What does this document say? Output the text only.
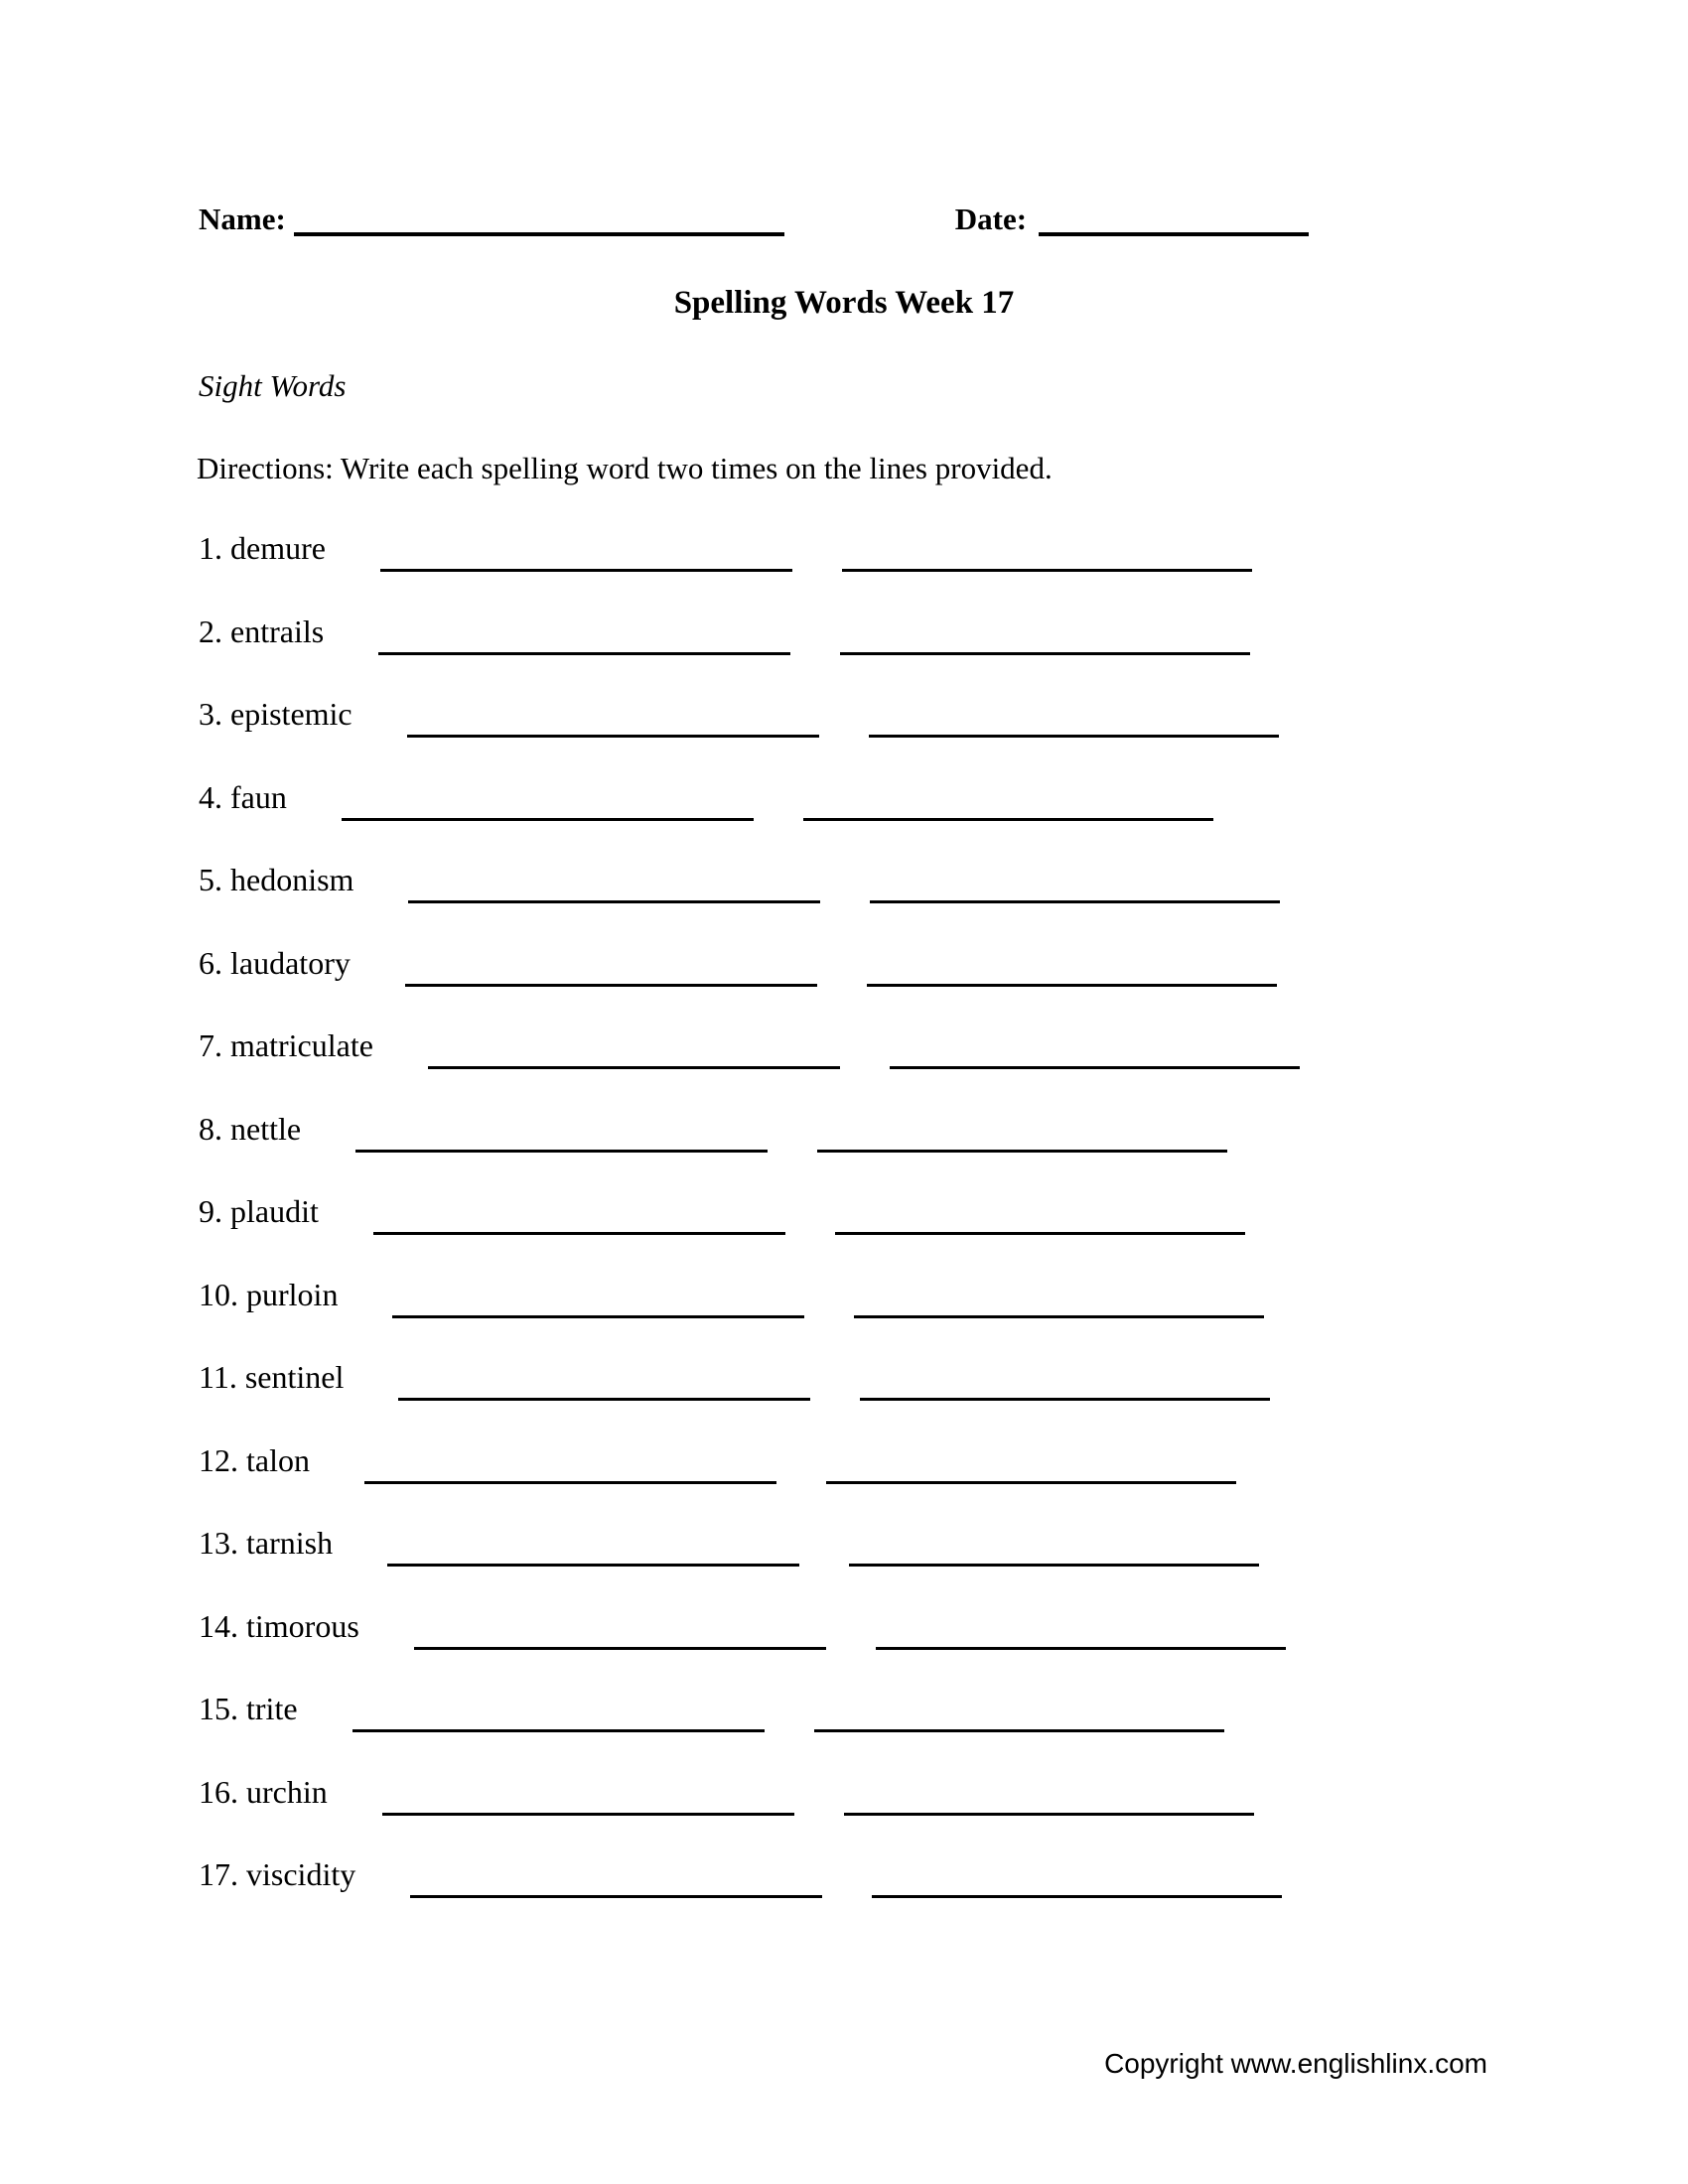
Name:	Date:
Spelling Words Week 17
Sight Words
Directions: Write each spelling word two times on the lines provided.
1. demure
2. entrails
3. epistemic
4. faun
5. hedonism
6. laudatory
7. matriculate
8. nettle
9. plaudit
10. purloin
11. sentinel
12. talon
13. tarnish
14. timorous
15. trite
16. urchin
17. viscidity
Copyright www.englishlinx.com
